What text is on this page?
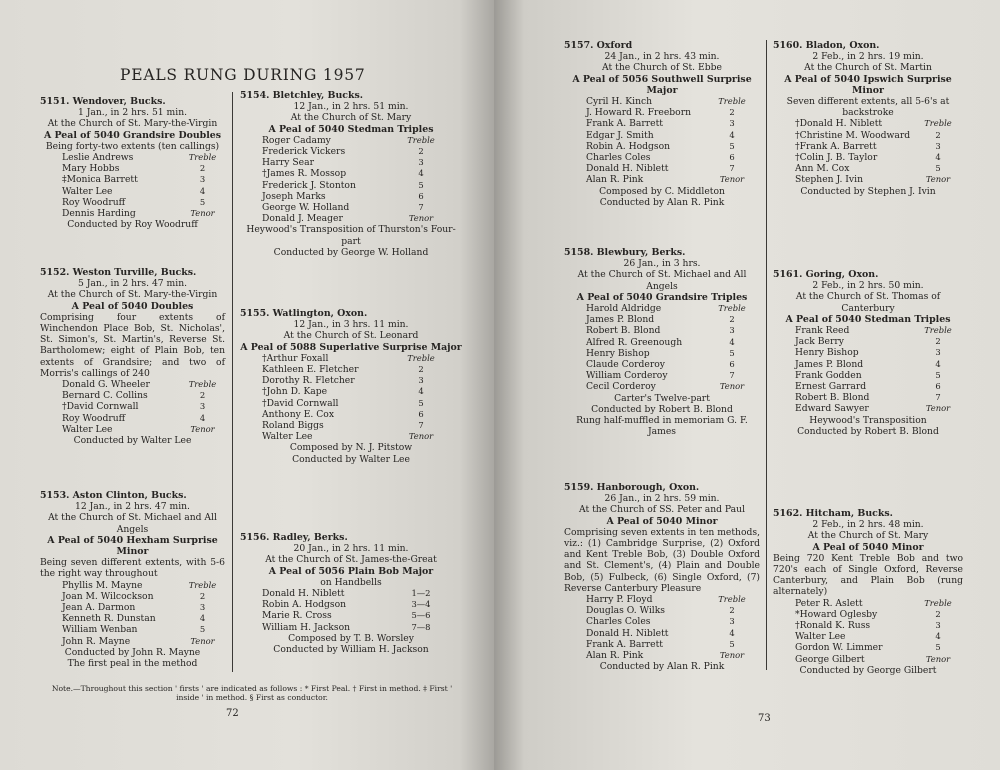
PEALS RUNG DURING 1957
5151. Wendover, Bucks.
1 Jan., in 2 hrs. 51 min.
At the Church of St. Mary-the-Virgin
A Peal of 5040 Grandsire Doubles
Being forty-two extents (ten callings)
Leslie Andrews	Treble
Mary Hobbs	2
‡Monica Barrett	3
Walter Lee	4
Roy Woodruff	5
Dennis Harding	Tenor
Conducted by Roy Woodruff
5152. Weston Turville, Bucks.
5 Jan., in 2 hrs. 47 min.
At the Church of St. Mary-the-Virgin
A Peal of 5040 Doubles
Comprising four extents of Winchendon Place Bob, St. Nicholas', St. Simon's, St. Martin's, Reverse St. Bartholomew; eight of Plain Bob, ten extents of Grandsire; and two of Morris's callings of 240
Donald G. Wheeler	Treble
Bernard C. Collins	2
†David Cornwall	3
Roy Woodruff	4
Walter Lee	Tenor
Conducted by Walter Lee
5153. Aston Clinton, Bucks.
12 Jan., in 2 hrs. 47 min.
At the Church of St. Michael and All Angels
A Peal of 5040 Hexham Surprise Minor
Being seven different extents, with 5-6 the right way throughout
Phyllis M. Mayne	Treble
Joan M. Wilcockson	2
Jean A. Darmon	3
Kenneth R. Dunstan	4
William Wenban	5
John R. Mayne	Tenor
Conducted by John R. Mayne
The first peal in the method
5154. Bletchley, Bucks.
12 Jan., in 2 hrs. 51 min.
At the Church of St. Mary
A Peal of 5040 Stedman Triples
Roger Cadamy	Treble
Frederick Vickers	2
Harry Sear	3
†James R. Mossop	4
Frederick J. Stonton	5
Joseph Marks	6
George W. Holland	7
Donald J. Meager	Tenor
Heywood's Transposition of Thurston's Four-part
Conducted by George W. Holland
5155. Watlington, Oxon.
12 Jan., in 3 hrs. 11 min.
At the Church of St. Leonard
A Peal of 5088 Superlative Surprise Major
†Arthur Foxall	Treble
Kathleen E. Fletcher	2
Dorothy R. Fletcher	3
†John D. Kape	4
†David Cornwall	5
Anthony E. Cox	6
Roland Biggs	7
Walter Lee	Tenor
Composed by N. J. Pitstow
Conducted by Walter Lee
5156. Radley, Berks.
20 Jan., in 2 hrs. 11 min.
At the Church of St. James-the-Great
A Peal of 5056 Plain Bob Major
on Handbells
Donald H. Niblett	1—2
Robin A. Hodgson	3—4
Marie R. Cross	5—6
William H. Jackson	7—8
Composed by T. B. Worsley
Conducted by William H. Jackson
Note.—Throughout this section ' firsts ' are indicated as follows : * First Peal. † First in method. ‡ First ' inside ' in method. § First as conductor.
72
5157. Oxford
24 Jan., in 2 hrs. 43 min.
At the Church of St. Ebbe
A Peal of 5056 Southwell Surprise Major
Cyril H. Kinch	Treble
J. Howard R. Freeborn	2
Frank A. Barrett	3
Edgar J. Smith	4
Robin A. Hodgson	5
Charles Coles	6
Donald H. Niblett	7
Alan R. Pink	Tenor
Composed by C. Middleton
Conducted by Alan R. Pink
5158. Blewbury, Berks.
26 Jan., in 3 hrs.
At the Church of St. Michael and All Angels
A Peal of 5040 Grandsire Triples
Harold Aldridge	Treble
James P. Blond	2
Robert B. Blond	3
Alfred R. Greenough	4
Henry Bishop	5
Claude Corderoy	6
William Corderoy	7
Cecil Corderoy	Tenor
Carter's Twelve-part
Conducted by Robert B. Blond
Rung half-muffled in memoriam G. F. James
5159. Hanborough, Oxon.
26 Jan., in 2 hrs. 59 min.
At the Church of SS. Peter and Paul
A Peal of 5040 Minor
Comprising seven extents in ten methods, viz.: (1) Cambridge Surprise, (2) Oxford and Kent Treble Bob, (3) Double Oxford and St. Clement's, (4) Plain and Double Bob, (5) Fulbeck, (6) Single Oxford, (7) Reverse Canterbury Pleasure
Harry P. Floyd	Treble
Douglas O. Wilks	2
Charles Coles	3
Donald H. Niblett	4
Frank A. Barrett	5
Alan R. Pink	Tenor
Conducted by Alan R. Pink
5160. Bladon, Oxon.
2 Feb., in 2 hrs. 19 min.
At the Church of St. Martin
A Peal of 5040 Ipswich Surprise Minor
Seven different extents, all 5-6's at backstroke
†Donald H. Niblett	Treble
†Christine M. Woodward	2
†Frank A. Barrett	3
†Colin J. B. Taylor	4
Ann M. Cox	5
Stephen J. Ivin	Tenor
Conducted by Stephen J. Ivin
5161. Goring, Oxon.
2 Feb., in 2 hrs. 50 min.
At the Church of St. Thomas of Canterbury
A Peal of 5040 Stedman Triples
Frank Reed	Treble
Jack Berry	2
Henry Bishop	3
James P. Blond	4
Frank Godden	5
Ernest Garrard	6
Robert B. Blond	7
Edward Sawyer	Tenor
Heywood's Transposition
Conducted by Robert B. Blond
5162. Hitcham, Bucks.
2 Feb., in 2 hrs. 48 min.
At the Church of St. Mary
A Peal of 5040 Minor
Being 720 Kent Treble Bob and two 720's each of Single Oxford, Reverse Canterbury, and Plain Bob (rung alternately)
Peter R. Aslett	Treble
*Howard Oglesby	2
†Ronald K. Russ	3
Walter Lee	4
Gordon W. Limmer	5
George Gilbert	Tenor
Conducted by George Gilbert
73
